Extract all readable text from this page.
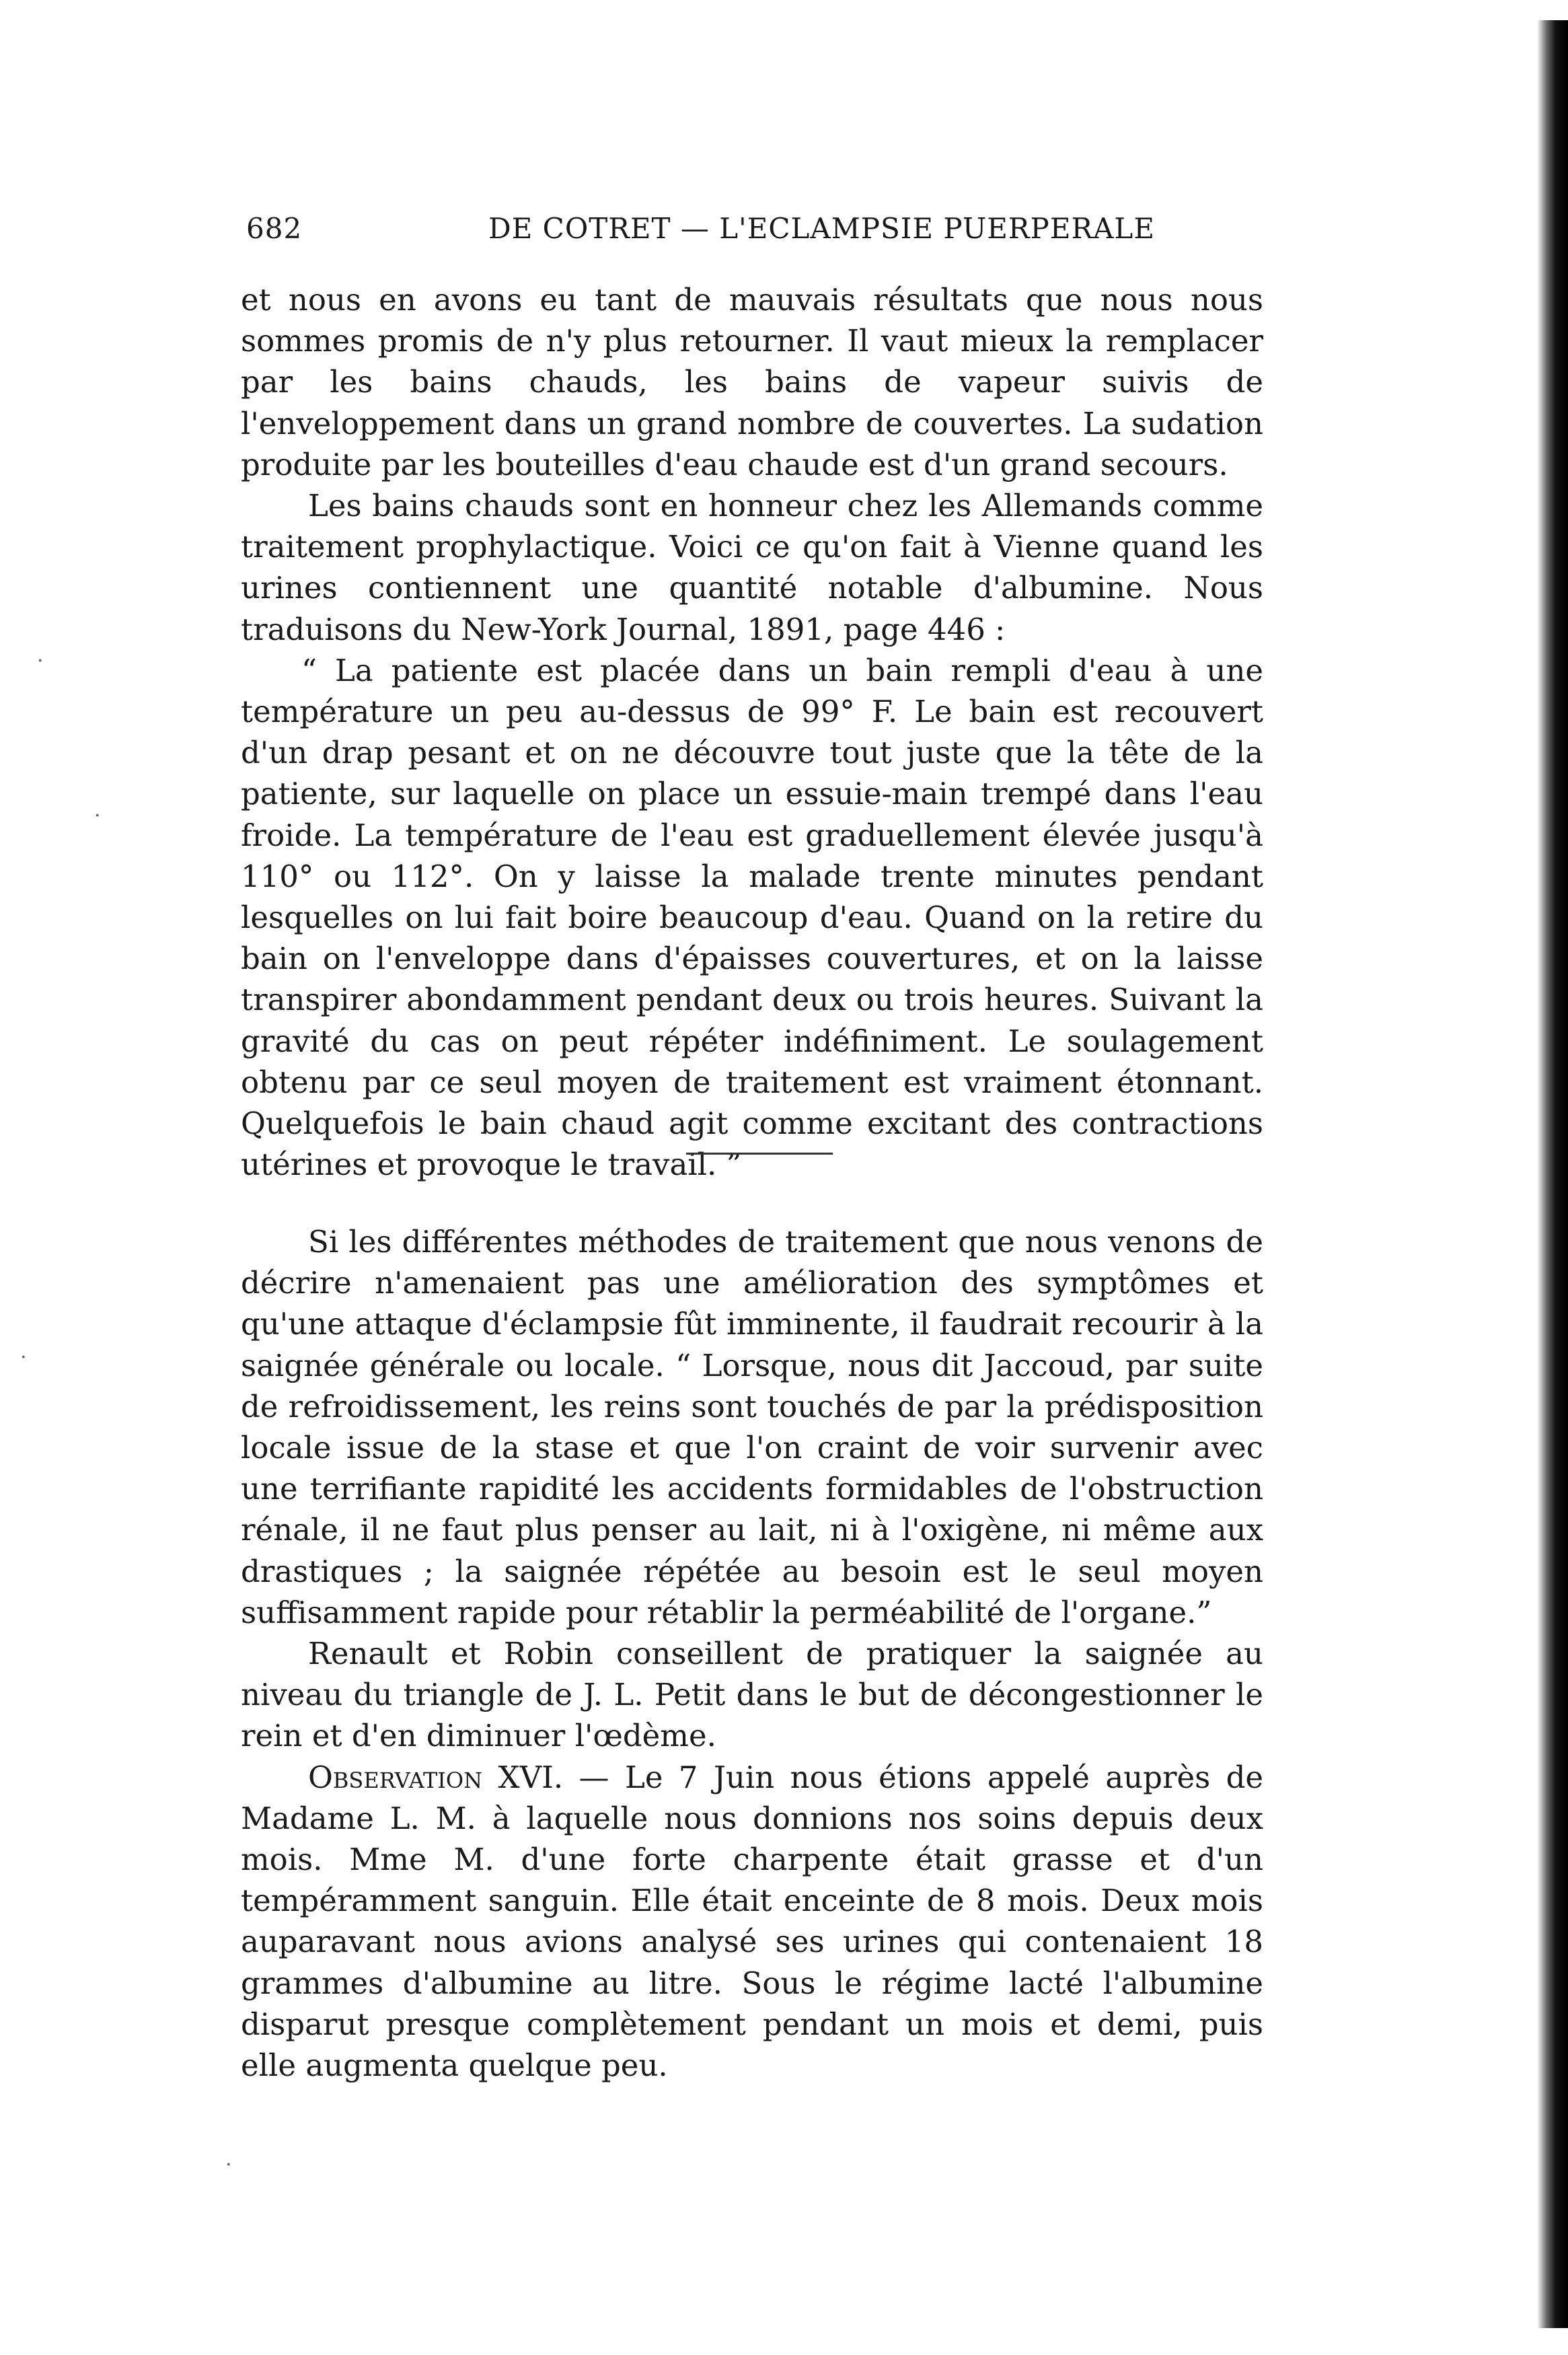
682	DE COTRET — L'ECLAMPSIE PUERPERALE

et nous en avons eu tant de mauvais résultats que nous nous sommes promis de n'y plus retourner. Il vaut mieux la remplacer par les bains chauds, les bains de vapeur suivis de l'enveloppement dans un grand nombre de couvertes. La sudation produite par les bouteilles d'eau chaude est d'un grand secours.

Les bains chauds sont en honneur chez les Allemands comme traitement prophylactique. Voici ce qu'on fait à Vienne quand les urines contiennent une quantité notable d'albumine. Nous traduisons du New-York Journal, 1891, page 446 :

“ La patiente est placée dans un bain rempli d'eau à une température un peu au-dessus de 99° F. Le bain est recouvert d'un drap pesant et on ne découvre tout juste que la tête de la patiente, sur laquelle on place un essuie-main trempé dans l'eau froide. La température de l'eau est graduellement élevée jusqu'à 110° ou 112°. On y laisse la malade trente minutes pendant lesquelles on lui fait boire beaucoup d'eau. Quand on la retire du bain on l'enveloppe dans d'épaisses couvertures, et on la laisse transpirer abondamment pendant deux ou trois heures. Suivant la gravité du cas on peut répéter indéfiniment. Le soulagement obtenu par ce seul moyen de traitement est vraiment étonnant. Quelquefois le bain chaud agit comme excitant des contractions utérines et provoque le travail. ”

Si les différentes méthodes de traitement que nous venons de décrire n'amenaient pas une amélioration des symptômes et qu'une attaque d'éclampsie fût imminente, il faudrait recourir à la saignée générale ou locale. “ Lorsque, nous dit Jaccoud, par suite de refroidissement, les reins sont touchés de par la prédisposition locale issue de la stase et que l'on craint de voir survenir avec une terrifiante rapidité les accidents formidables de l'obstruction rénale, il ne faut plus penser au lait, ni à l'oxigène, ni même aux drastiques ; la saignée répétée au besoin est le seul moyen suffisamment rapide pour rétablir la perméabilité de l'organe.”

Renault et Robin conseillent de pratiquer la saignée au niveau du triangle de J. L. Petit dans le but de décongestionner le rein et d'en diminuer l'œdème.

Observation XVI. — Le 7 Juin nous étions appelé auprès de Madame L. M. à laquelle nous donnions nos soins depuis deux mois. Mme M. d'une forte charpente était grasse et d'un tempéramment sanguin. Elle était enceinte de 8 mois. Deux mois auparavant nous avions analysé ses urines qui contenaient 18 grammes d'albumine au litre. Sous le régime lacté l'albumine disparut presque complètement pendant un mois et demi, puis elle augmenta quelque peu.

·
·
·
·
